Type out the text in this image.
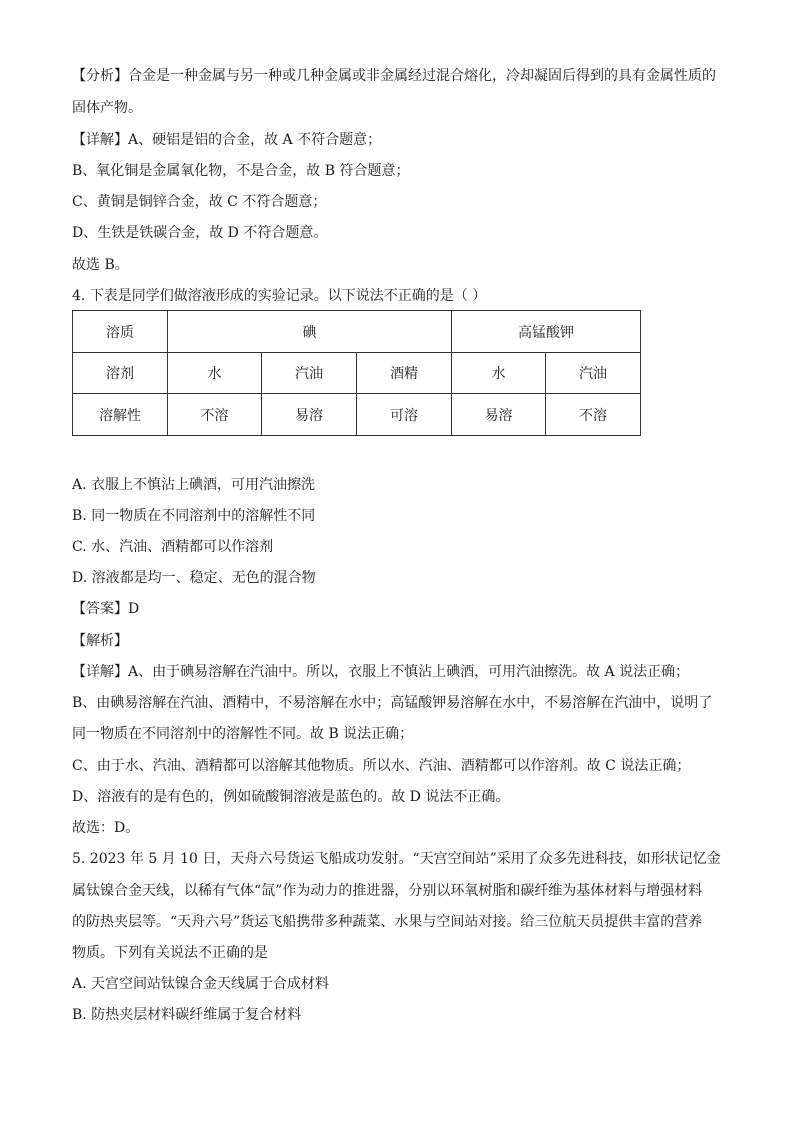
【分析】合金是一种金属与另一种或几种金属或非金属经过混合熔化，冷却凝固后得到的具有金属性质的
固体产物。
【详解】A、硬铝是铝的合金，故 A 不符合题意；
B、氧化铜是金属氧化物，不是合金，故 B 符合题意；
C、黄铜是铜锌合金，故 C 不符合题意；
D、生铁是铁碳合金，故 D 不符合题意。
故选 B。
4. 下表是同学们做溶液形成的实验记录。以下说法不正确的是（ ）
溶质	碘			高锰酸钾	
溶剂	水	汽油	酒精	水	汽油
溶解性	不溶	易溶	可溶	易溶	不溶
A. 衣服上不慎沾上碘酒，可用汽油擦洗
B. 同一物质在不同溶剂中的溶解性不同
C. 水、汽油、酒精都可以作溶剂
D. 溶液都是均一、稳定、无色的混合物
【答案】D
【解析】
【详解】A、由于碘易溶解在汽油中。所以，衣服上不慎沾上碘酒，可用汽油擦洗。故 A 说法正确；
B、由碘易溶解在汽油、酒精中，不易溶解在水中；高锰酸钾易溶解在水中，不易溶解在汽油中，说明了
同一物质在不同溶剂中的溶解性不同。故 B 说法正确；
C、由于水、汽油、酒精都可以溶解其他物质。所以水、汽油、酒精都可以作溶剂。故 C 说法正确；
D、溶液有的是有色的，例如硫酸铜溶液是蓝色的。故 D 说法不正确。
故选：D。
5. 2023 年 5 月 10 日，天舟六号货运飞船成功发射。“天宫空间站”采用了众多先进科技，如形状记忆金
属钛镍合金天线，以稀有气体“氙”作为动力的推进器，分别以环氧树脂和碳纤维为基体材料与增强材料
的防热夹层等。“天舟六号”货运飞船携带多种蔬菜、水果与空间站对接。给三位航天员提供丰富的营养
物质。下列有关说法不正确的是
A. 天宫空间站钛镍合金天线属于合成材料
B. 防热夹层材料碳纤维属于复合材料
